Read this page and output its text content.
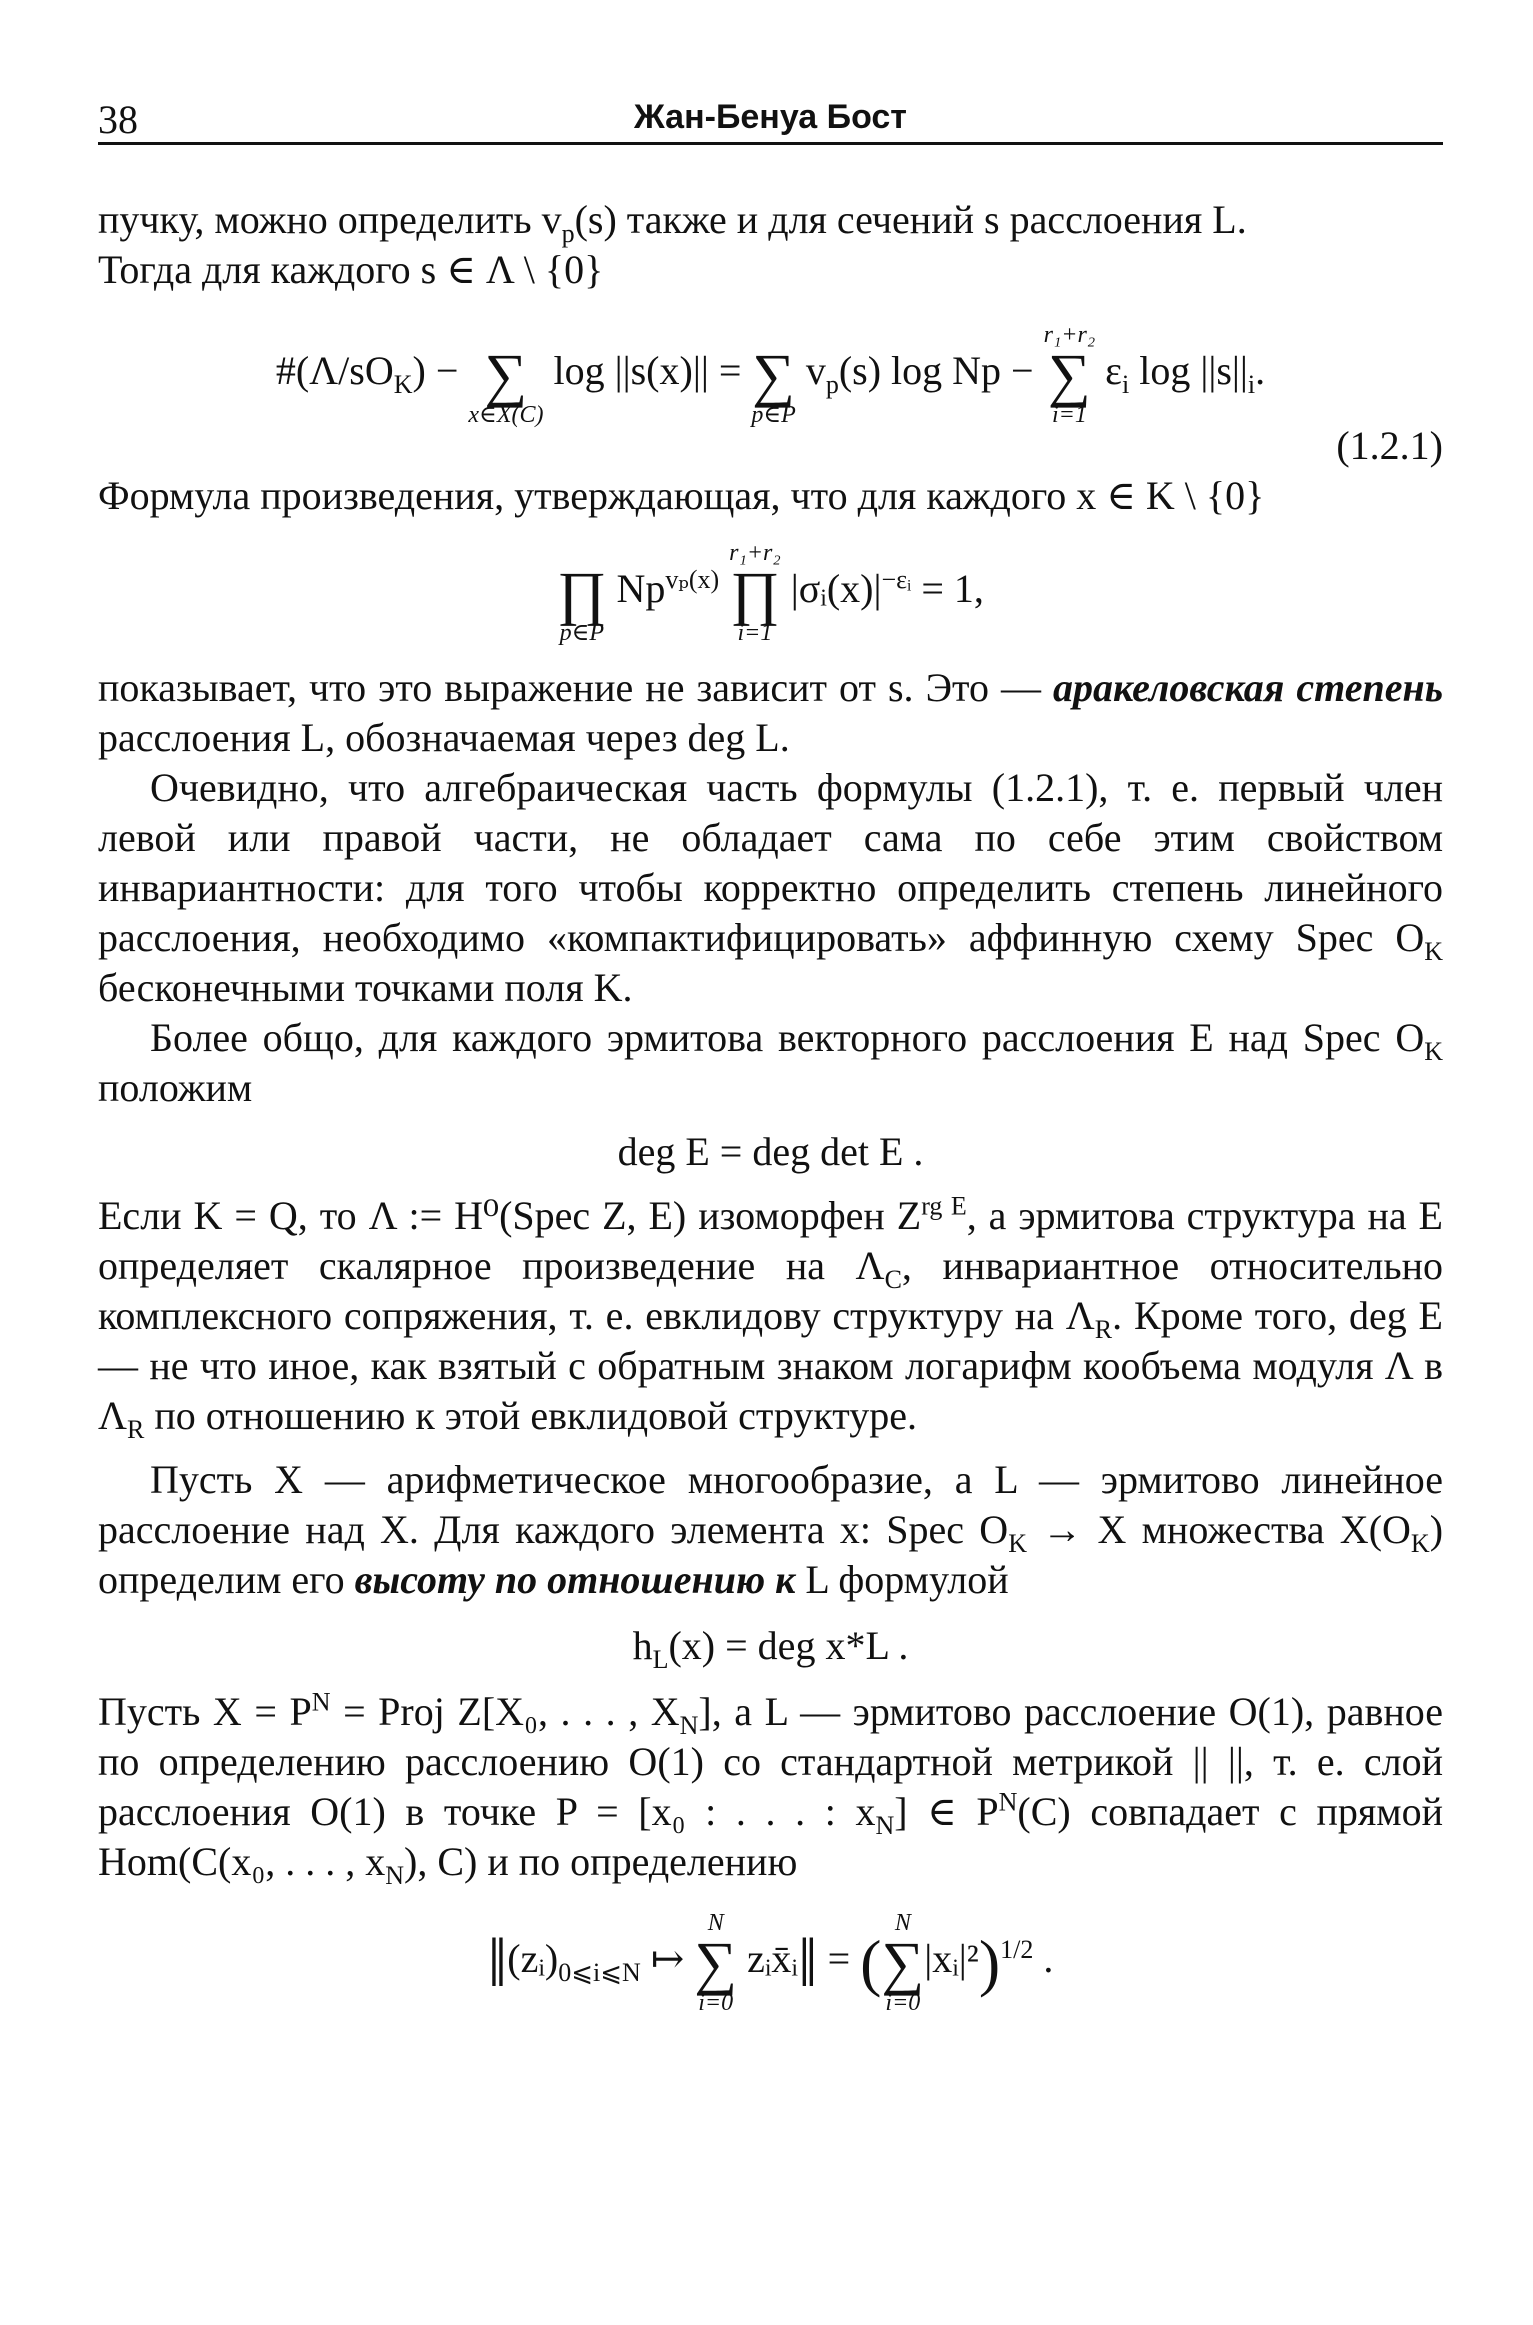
38	Жан-Бенуа Бост

пучку, можно определить $v_p(s)$ также и для сечений s расслоения L.
Тогда для каждого s ∈ Λ \ {0}

$\#(\Lambda/sO_K)$ −
∑
x∈X(C)
log ||s(x)|| =
∑
p∈P
$v_p(s)$ log Np −
r₁+r₂
∑
i=1
$\varepsilon_i$ $\log ||s||_i$.
(1.2.1)

Формула произведения, утверждающая, что для каждого x ∈ K \ {0}

∏
p∈P
$Np^{v_p(x)}$
r₁+r₂
∏
i=1
$|\sigma ᵢ(x)|^{-\varepsilon ᵢ} = 1$,

показывает, что это выражение не зависит от s. Это — аракеловская степень расслоения L, обозначаемая через deg L.

Очевидно, что алгебраическая часть формулы (1.2.1), т. е. первый член левой или правой части, не обладает сама по себе этим свойством инвариантности: для того чтобы корректно определить степень линейного расслоения, необходимо «компактифицировать» аффинную схему Spec $O_K$ бесконечными точками поля K.

Более общо, для каждого эрмитова векторного расслоения E над Spec $O_K$ положим

deg E = deg det E .

Если K = Q, то Λ := H⁰(Spec Z, E) изоморфен $Z^{rg E}$, а эрмитова структура на E определяет скалярное произведение на $\Lambda_C$, инвариантное относительно комплексного сопряжения, т. е. евклидову структуру на $\Lambda_R$. Кроме того, deg E — не что иное, как взятый с обратным знаком логарифм кообъема модуля Λ в $\Lambda_R$ по отношению к этой евклидовой структуре.

Пусть X — арифметическое многообразие, а L — эрмитово линейное расслоение над X. Для каждого элемента x: Spec $O_K \to X$ множества $X(O_K)$ определим его высоту по отношению к L формулой

$h_L(x)$ = deg x*L .

Пусть $X = P^N$ = Proj Z[X₀, . . . , $X_N$], а L — эрмитово расслоение O(1), равное по определению расслоению O(1) со стандартной метрикой || ||, т. е. слой расслоения O(1) в точке P = [x₀ : . . . : $x_N$] ∈ $P^N(C)$ совпадает с прямой Hom(C(x₀, . . . , $x_N$), C) и по определению

$‖(zᵢ)_{0⩽i⩽N}$ ↦
N
∑
i=0
zᵢx̄ᵢ‖ = (
N
∑
i=0
|xᵢ|²)$^{1/2}$ .
